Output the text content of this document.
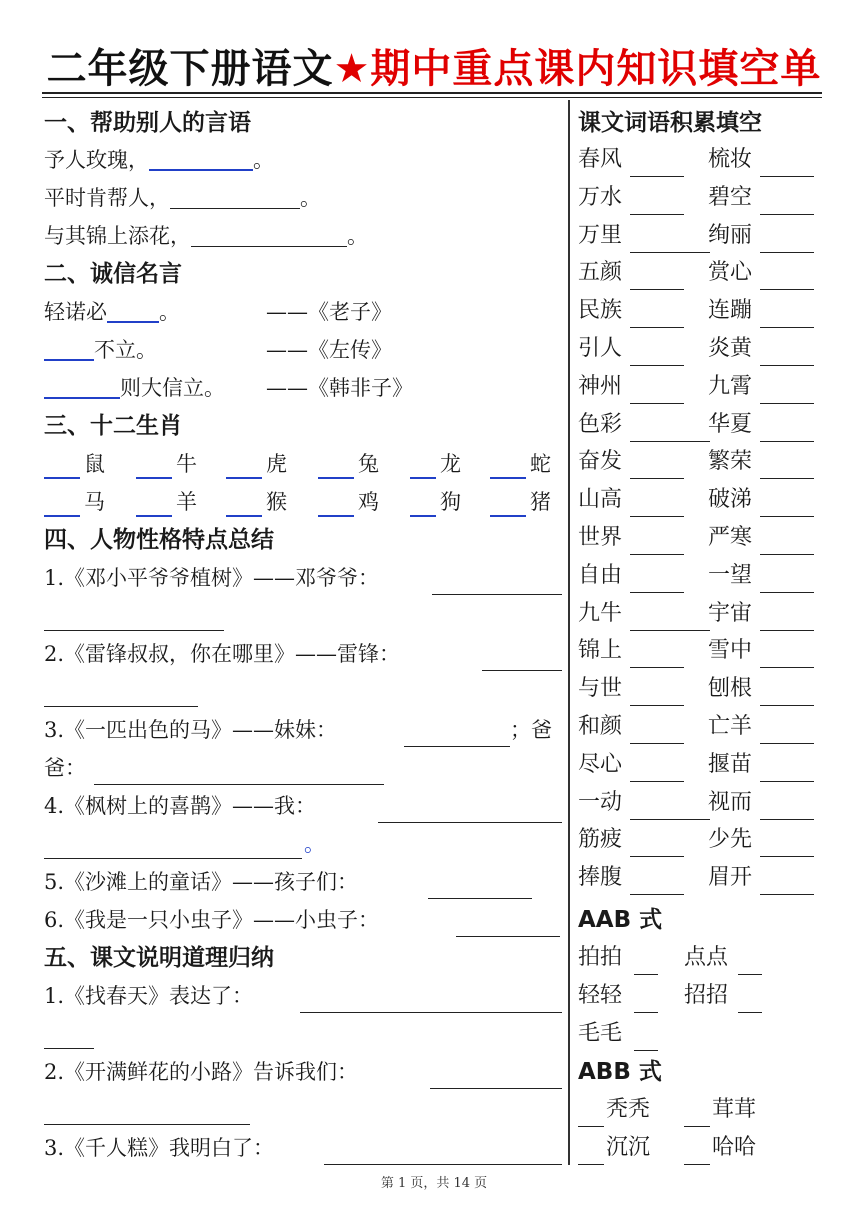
二年级下册语文★期中重点课内知识填空单
一、帮助别人的言语
予人玫瑰，	。
平时肯帮人，	。
与其锦上添花，	。
二、诚信名言
轻诺必 。	——《老子》
不立。	——《左传》
则大信立。 ——《韩非子》
三、十二生肖
鼠	牛	虎	兔	龙	蛇
马	羊	猴	鸡	狗	猪
四、人物性格特点总结
1.《邓小平爷爷植树》——邓爷爷：
2.《雷锋叔叔，你在哪里》——雷锋：
3.《一匹出色的马》——妹妹：	；爸
爸：
4.《枫树上的喜鹊》——我：
。
5.《沙滩上的童话》——孩子们：
6.《我是一只小虫子》——小虫子：
五、课文说明道理归纳
1.《找春天》表达了：
2.《开满鲜花的小路》告诉我们：
3.《千人糕》我明白了：
课文词语积累填空
春风	梳妆
万水	碧空
万里	绚丽
五颜	赏心
民族	连蹦
引人	炎黄
神州	九霄
色彩	华夏
奋发	繁荣
山高	破涕
世界	严寒
自由	一望
九牛	宇宙
锦上	雪中
与世	刨根
和颜	亡羊
尽心	揠苗
一动	视而
筋疲	少先
捧腹	眉开
AAB 式
拍拍	点点
轻轻	招招
毛毛
ABB 式
秃秃	茸茸
沉沉	哈哈
第 1 页，共 14 页
